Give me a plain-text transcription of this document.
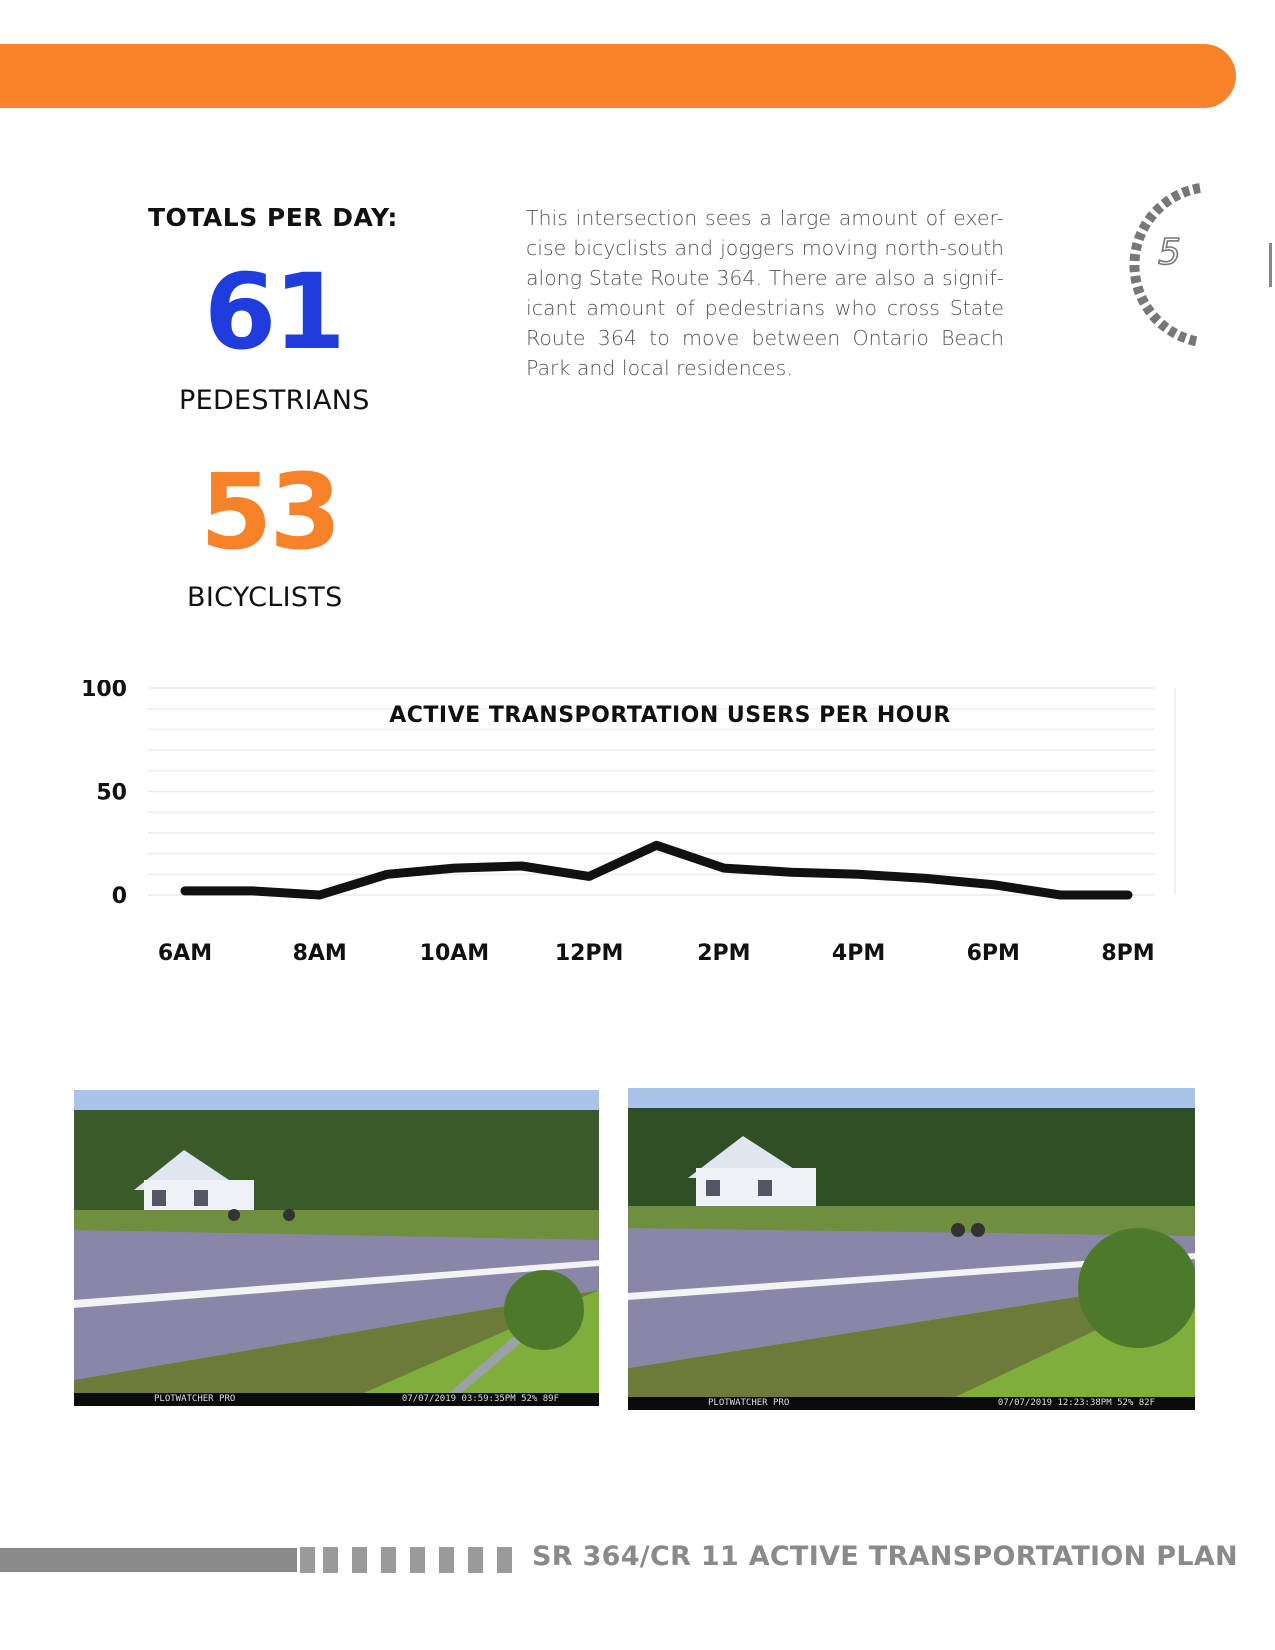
TOTALS PER DAY:
61
PEDESTRIANS
53
BICYCLISTS

This intersection sees a large amount of exer-cise bicyclists and joggers moving north-south along State Route 364. There are also a signif-icant amount of pedestrians who cross State Route 364 to move between Ontario Beach Park and local residences.

5
100
50
0
6AM	8AM	10AM	12PM	2PM	4PM	6PM	8PM
ACTIVE TRANSPORTATION USERS PER HOUR
PLOTWATCHER PRO	07/07/2019 03:59:35PM 52% 89F	PLOTWATCHER PRO	07/07/2019 12:23:38PM 52% 82F
SR 364/CR 11 ACTIVE TRANSPORTATION PLAN
